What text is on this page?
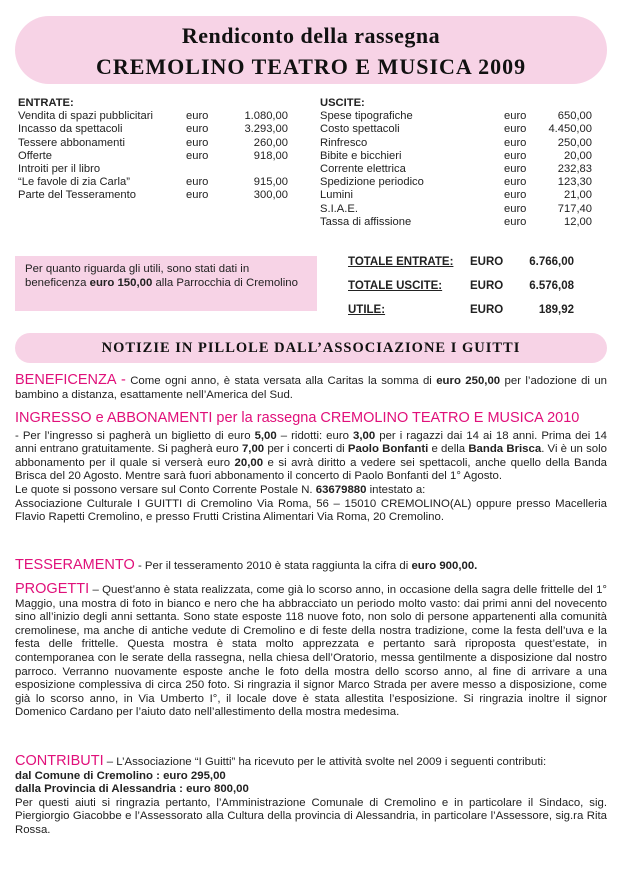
Rendiconto della rassegna
CREMOLINO TEATRO E MUSICA 2009
ENTRATE:
Vendita di spazi pubblicitari	euro	1.080,00
Incasso da spettacoli	euro	3.293,00
Tessere abbonamenti	euro	260,00
Offerte	euro	918,00
Introiti per il libro
“Le favole di zia Carla”	euro	915,00
Parte del Tesseramento	euro	300,00
USCITE:
Spese tipografiche	euro	650,00
Costo spettacoli	euro	4.450,00
Rinfresco	euro	250,00
Bibite e bicchieri	euro	20,00
Corrente elettrica	euro	232,83
Spedizione periodico	euro	123,30
Lumini	euro	21,00
S.I.A.E.	euro	717,40
Tassa di affissione	euro	12,00
Per quanto riguarda gli utili, sono stati dati in beneficenza euro 150,00 alla Parrocchia di Cremolino
TOTALE ENTRATE:	EURO	6.766,00
TOTALE USCITE:	EURO	6.576,08
UTILE:	EURO	189,92
NOTIZIE IN PILLOLE DALL’ASSOCIAZIONE I GUITTI

BENEFICENZA - Come ogni anno, è stata versata alla Caritas la somma di euro 250,00 per l’adozione di un bambino a distanza, esattamente nell’America del Sud.

INGRESSO e ABBONAMENTI per la rassegna CREMOLINO TEATRO E MUSICA 2010

- Per l’ingresso si pagherà un biglietto di euro 5,00 – ridotti: euro 3,00 per i ragazzi dai 14 ai 18 anni. Prima dei 14 anni entrano gratuitamente. Si pagherà euro 7,00 per i concerti di Paolo Bonfanti e della Banda Brisca. Vi è un solo abbonamento per il quale si verserà euro 20,00 e si avrà diritto a vedere sei spettacoli, anche quello della Banda Brisca del 20 Agosto. Mentre sarà fuori abbonamento il concerto di Paolo Bonfanti del 1° Agosto.

Le quote si possono versare sul Conto Corrente Postale N. 63679880 intestato a:

Associazione Culturale I GUITTI di Cremolino Via Roma, 56 – 15010 CREMOLINO(AL) oppure presso Macelleria Flavio Rapetti Cremolino, e presso Frutti Cristina Alimentari Via Roma, 20 Cremolino.

TESSERAMENTO - Per il tesseramento 2010 è stata raggiunta la cifra di euro 900,00.

PROGETTI – Quest’anno è stata realizzata, come già lo scorso anno, in occasione della sagra delle frittelle del 1° Maggio, una mostra di foto in bianco e nero che ha abbracciato un periodo molto vasto: dai primi anni del novecento sino all’inizio degli anni settanta. Sono state esposte 118 nuove foto, non solo di persone appartenenti alla comunità cremolinese, ma anche di antiche vedute di Cremolino e di feste della nostra tradizione, come la festa dell’uva e la festa delle frittelle. Questa mostra è stata molto apprezzata e pertanto sarà riproposta quest’estate, in contemporanea con le serate della rassegna, nella chiesa dell’Oratorio, messa gentilmente a disposizione dal nostro parroco. Verranno nuovamente esposte anche le foto della mostra dello scorso anno, al fine di arrivare a una esposizione complessiva di circa 250 foto. Si ringrazia il signor Marco Strada per avere messo a disposizione, come già lo scorso anno, in Via Umberto I°, il locale dove è stata allestita l’esposizione. Si ringrazia inoltre il signor Domenico Cardano per l’aiuto dato nell’allestimento della mostra medesima.

CONTRIBUTI – L’Associazione “I Guitti” ha ricevuto per le attività svolte nel 2009 i seguenti contributi:

dal Comune di Cremolino : euro 295,00

dalla Provincia di Alessandria : euro 800,00

Per questi aiuti si ringrazia pertanto, l’Amministrazione Comunale di Cremolino e in particolare il Sindaco, sig. Piergiorgio Giacobbe e l’Assessorato alla Cultura della provincia di Alessandria, in particolare l’Assessore, sig.ra Rita Rossa.
